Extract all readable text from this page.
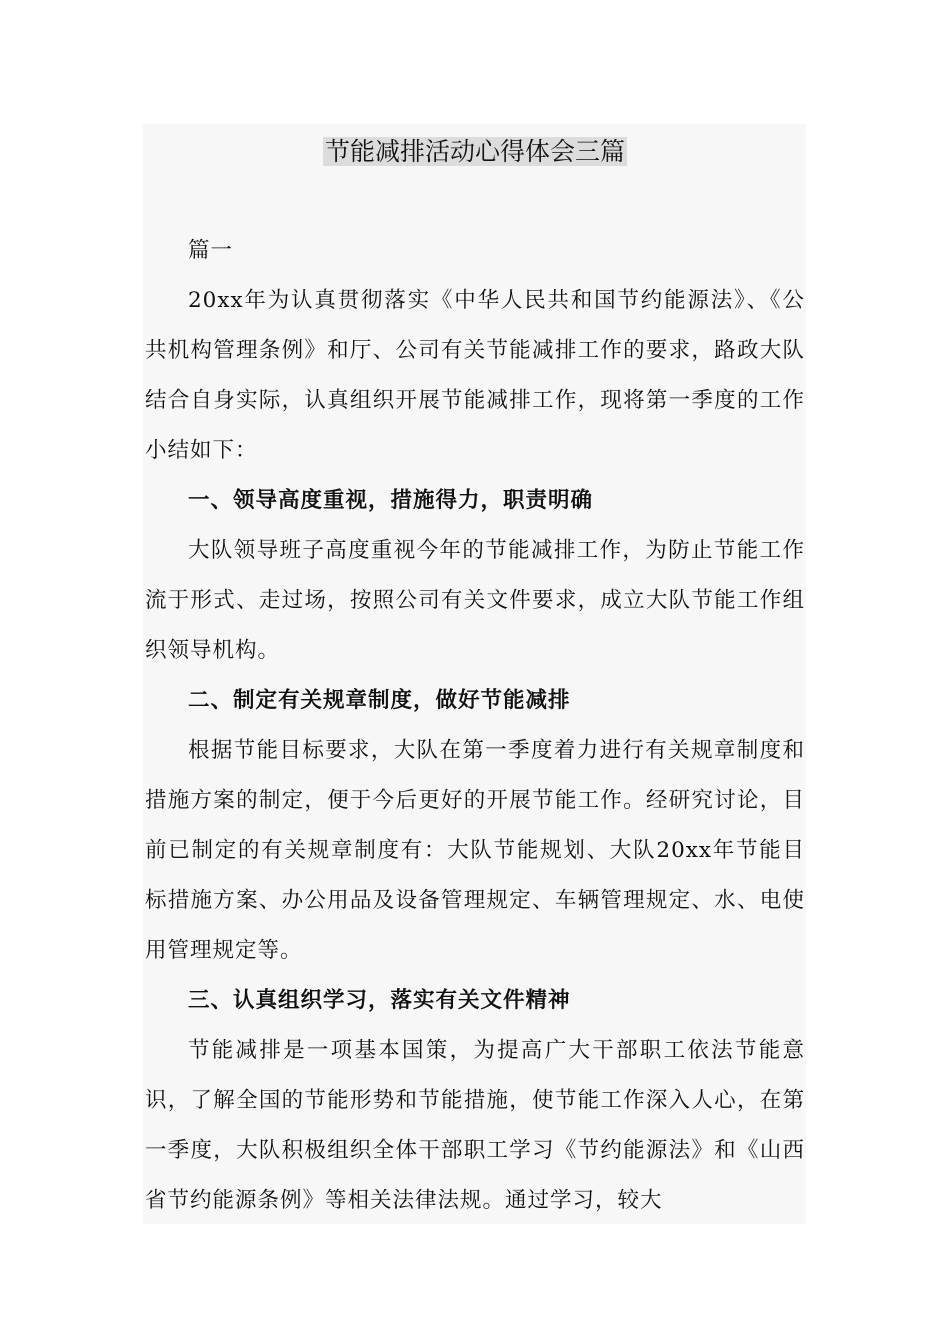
节能减排活动心得体会三篇

篇一

20xx年为认真贯彻落实《中华人民共和国节约能源法》、《公共机构管理条例》和厅、公司有关节能减排工作的要求，路政大队结合自身实际，认真组织开展节能减排工作，现将第一季度的工作小结如下：

一、领导高度重视，措施得力，职责明确

大队领导班子高度重视今年的节能减排工作，为防止节能工作流于形式、走过场，按照公司有关文件要求，成立大队节能工作组织领导机构。

二、制定有关规章制度，做好节能减排

根据节能目标要求，大队在第一季度着力进行有关规章制度和措施方案的制定，便于今后更好的开展节能工作。经研究讨论，目前已制定的有关规章制度有：大队节能规划、大队20xx年节能目标措施方案、办公用品及设备管理规定、车辆管理规定、水、电使用管理规定等。

三、认真组织学习，落实有关文件精神

节能减排是一项基本国策，为提高广大干部职工依法节能意识，了解全国的节能形势和节能措施，使节能工作深入人心，在第一季度，大队积极组织全体干部职工学习《节约能源法》和《山西省节约能源条例》等相关法律法规。通过学习，较大
